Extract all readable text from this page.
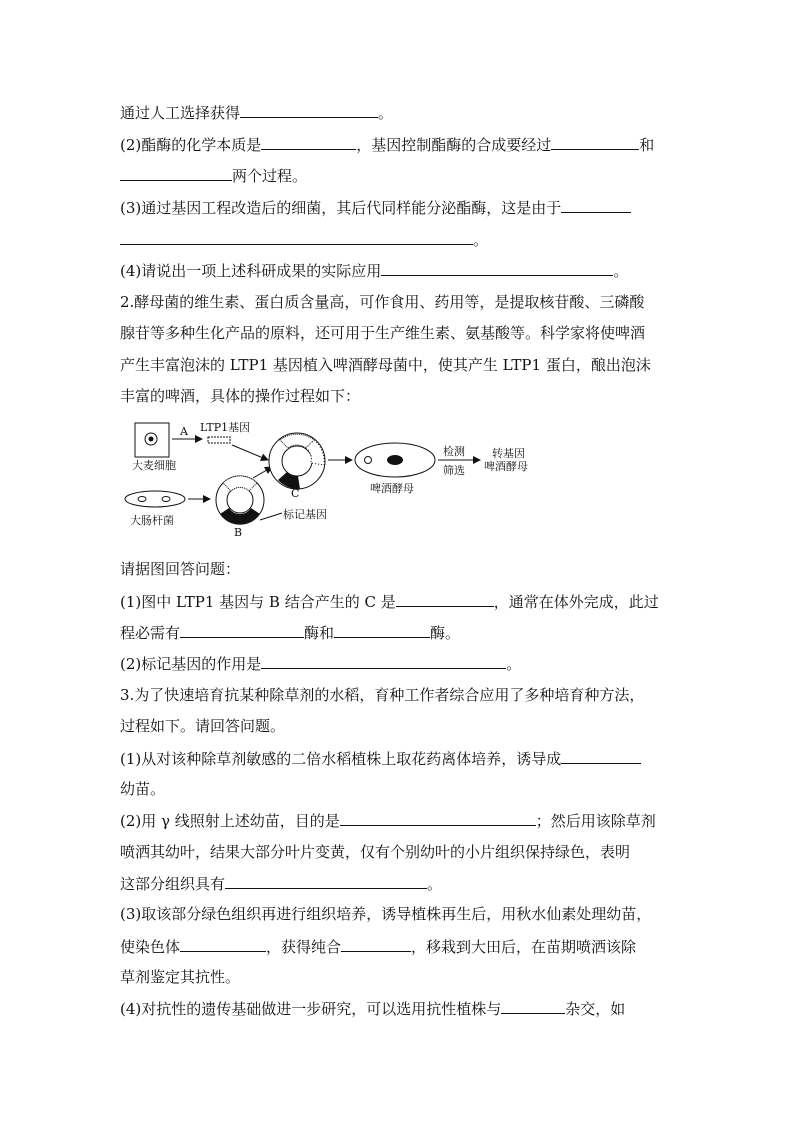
通过人工选择获得	。
(2)酯酶的化学本质是	，基因控制酯酶的合成要经过	和
两个过程。
(3)通过基因工程改造后的细菌，其后代同样能分泌酯酶，这是由于
。
(4)请说出一项上述科研成果的实际应用	。
2.酵母菌的维生素、蛋白质含量高，可作食用、药用等，是提取核苷酸、三磷酸
腺苷等多种生化产品的原料，还可用于生产维生素、氨基酸等。科学家将使啤酒
产生丰富泡沫的 LTP1 基因植入啤酒酵母菌中，使其产生 LTP1 蛋白，酿出泡沫
丰富的啤酒，具体的操作过程如下：
大麦细胞
A LTP1基因
大肠杆菌
B
标记基因
C	啤酒酵母
检测
筛选
转基因
啤酒酵母
请据图回答问题：
(1)图中 LTP1 基因与 B 结合产生的 C 是	，通常在体外完成，此过
程必需有	酶和	酶。
(2)标记基因的作用是	。
3.为了快速培育抗某种除草剂的水稻，育种工作者综合应用了多种培育种方法，
过程如下。请回答问题。
(1)从对该种除草剂敏感的二倍水稻植株上取花药离体培养，诱导成
幼苗。
(2)用 γ 线照射上述幼苗，目的是	；然后用该除草剂
喷洒其幼叶，结果大部分叶片变黄，仅有个别幼叶的小片组织保持绿色，表明
这部分组织具有	。
(3)取该部分绿色组织再进行组织培养，诱导植株再生后，用秋水仙素处理幼苗，
使染色体	，获得纯合	，移栽到大田后，在苗期喷洒该除
草剂鉴定其抗性。
(4)对抗性的遗传基础做进一步研究，可以选用抗性植株与	杂交，如
